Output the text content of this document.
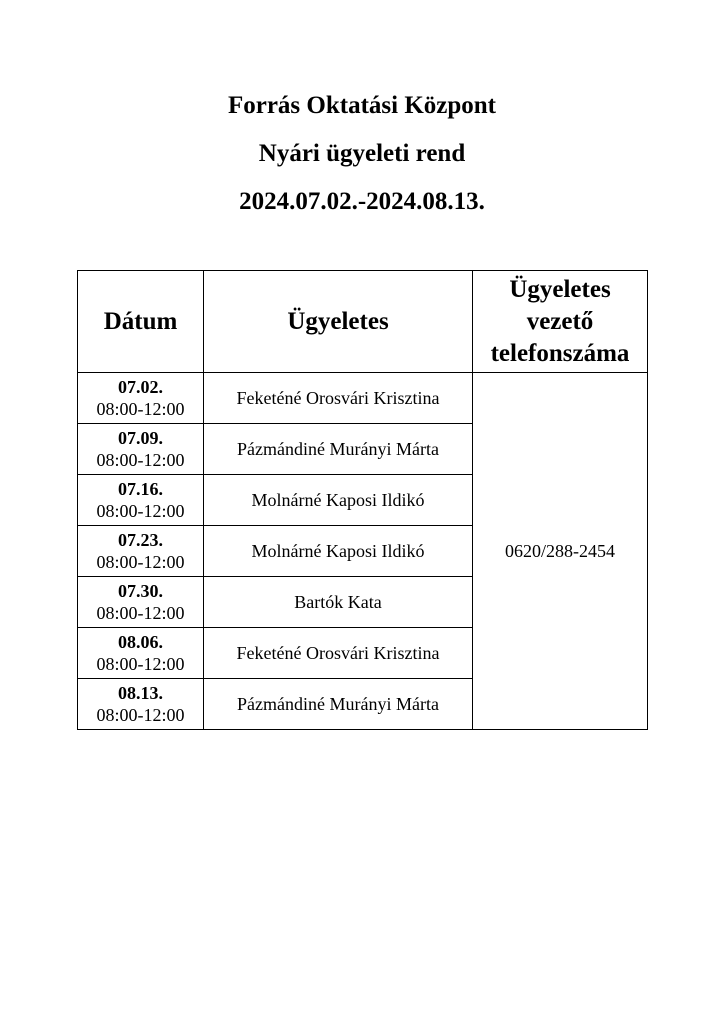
Forrás Oktatási Központ
Nyári ügyeleti rend
2024.07.02.-2024.08.13.
Dátum	Ügyeletes	Ügyeletes
vezető
telefonszáma

07.02.
08:00-12:00	Feketéné Orosvári Krisztina	0620/288-2454

07.09.
08:00-12:00	Pázmándiné Murányi Márta	

07.16.
08:00-12:00	Molnárné Kaposi Ildikó	

07.23.
08:00-12:00	Molnárné Kaposi Ildikó	

07.30.
08:00-12:00	Bartók Kata	

08.06.
08:00-12:00	Feketéné Orosvári Krisztina	

08.13.
08:00-12:00	Pázmándiné Murányi Márta	
